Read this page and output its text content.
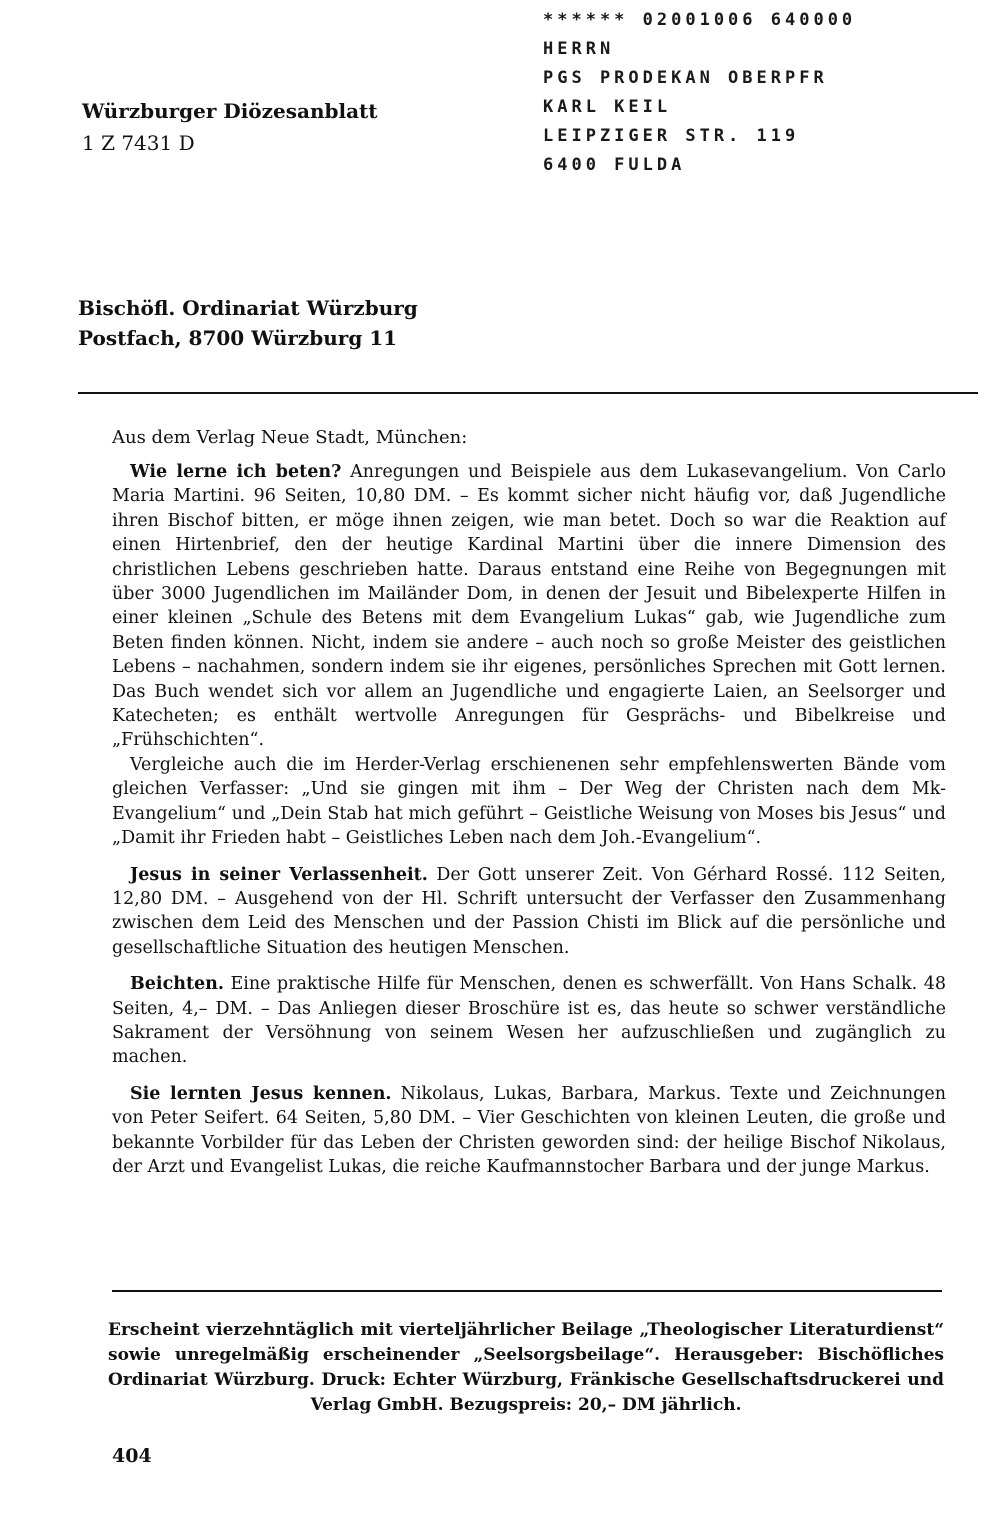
Würzburger Diözesanblatt
1 Z 7431 D
****** 02001006 640000
HERRN
PGS PRODEKAN OBERPFR
KARL KEIL
LEIPZIGER STR. 119
6400 FULDA
Bischöfl. Ordinariat Würzburg
Postfach, 8700 Würzburg 11
Aus dem Verlag Neue Stadt, München:

Wie lerne ich beten? Anregungen und Beispiele aus dem Lukasevangelium. Von Carlo Maria Martini. 96 Seiten, 10,80 DM. – Es kommt sicher nicht häufig vor, daß Jugendliche ihren Bischof bitten, er möge ihnen zeigen, wie man betet. Doch so war die Reaktion auf einen Hirtenbrief, den der heutige Kardinal Martini über die innere Dimension des christlichen Lebens geschrieben hatte. Daraus entstand eine Reihe von Begegnungen mit über 3000 Jugendlichen im Mailänder Dom, in denen der Jesuit und Bibelexperte Hilfen in einer kleinen „Schule des Betens mit dem Evangelium Lukas“ gab, wie Jugendliche zum Beten finden können. Nicht, indem sie andere – auch noch so große Meister des geistlichen Lebens – nachahmen, sondern indem sie ihr eigenes, persönliches Sprechen mit Gott lernen. Das Buch wendet sich vor allem an Jugendliche und engagierte Laien, an Seelsorger und Katecheten; es enthält wertvolle Anregungen für Gesprächs- und Bibelkreise und „Frühschichten“.

Vergleiche auch die im Herder-Verlag erschienenen sehr empfehlenswerten Bände vom gleichen Verfasser: „Und sie gingen mit ihm – Der Weg der Christen nach dem Mk-Evangelium“ und „Dein Stab hat mich geführt – Geistliche Weisung von Moses bis Jesus“ und „Damit ihr Frieden habt – Geistliches Leben nach dem Joh.-Evangelium“.

Jesus in seiner Verlassenheit. Der Gott unserer Zeit. Von Gérhard Rossé. 112 Seiten, 12,80 DM. – Ausgehend von der Hl. Schrift untersucht der Verfasser den Zusammenhang zwischen dem Leid des Menschen und der Passion Chisti im Blick auf die persönliche und gesellschaftliche Situation des heutigen Menschen.

Beichten. Eine praktische Hilfe für Menschen, denen es schwerfällt. Von Hans Schalk. 48 Seiten, 4,– DM. – Das Anliegen dieser Broschüre ist es, das heute so schwer verständliche Sakrament der Versöhnung von seinem Wesen her aufzuschließen und zugänglich zu machen.

Sie lernten Jesus kennen. Nikolaus, Lukas, Barbara, Markus. Texte und Zeichnungen von Peter Seifert. 64 Seiten, 5,80 DM. – Vier Geschichten von kleinen Leuten, die große und bekannte Vorbilder für das Leben der Christen geworden sind: der heilige Bischof Nikolaus, der Arzt und Evangelist Lukas, die reiche Kaufmannstocher Barbara und der junge Markus.

Erscheint vierzehntäglich mit vierteljährlicher Beilage „Theologischer Literaturdienst“ sowie unregelmäßig erscheinender „Seelsorgsbeilage“. Herausgeber: Bischöfliches Ordinariat Würzburg. Druck: Echter Würzburg, Fränkische Gesellschaftsdruckerei und Verlag GmbH. Bezugspreis: 20,– DM jährlich.
404
